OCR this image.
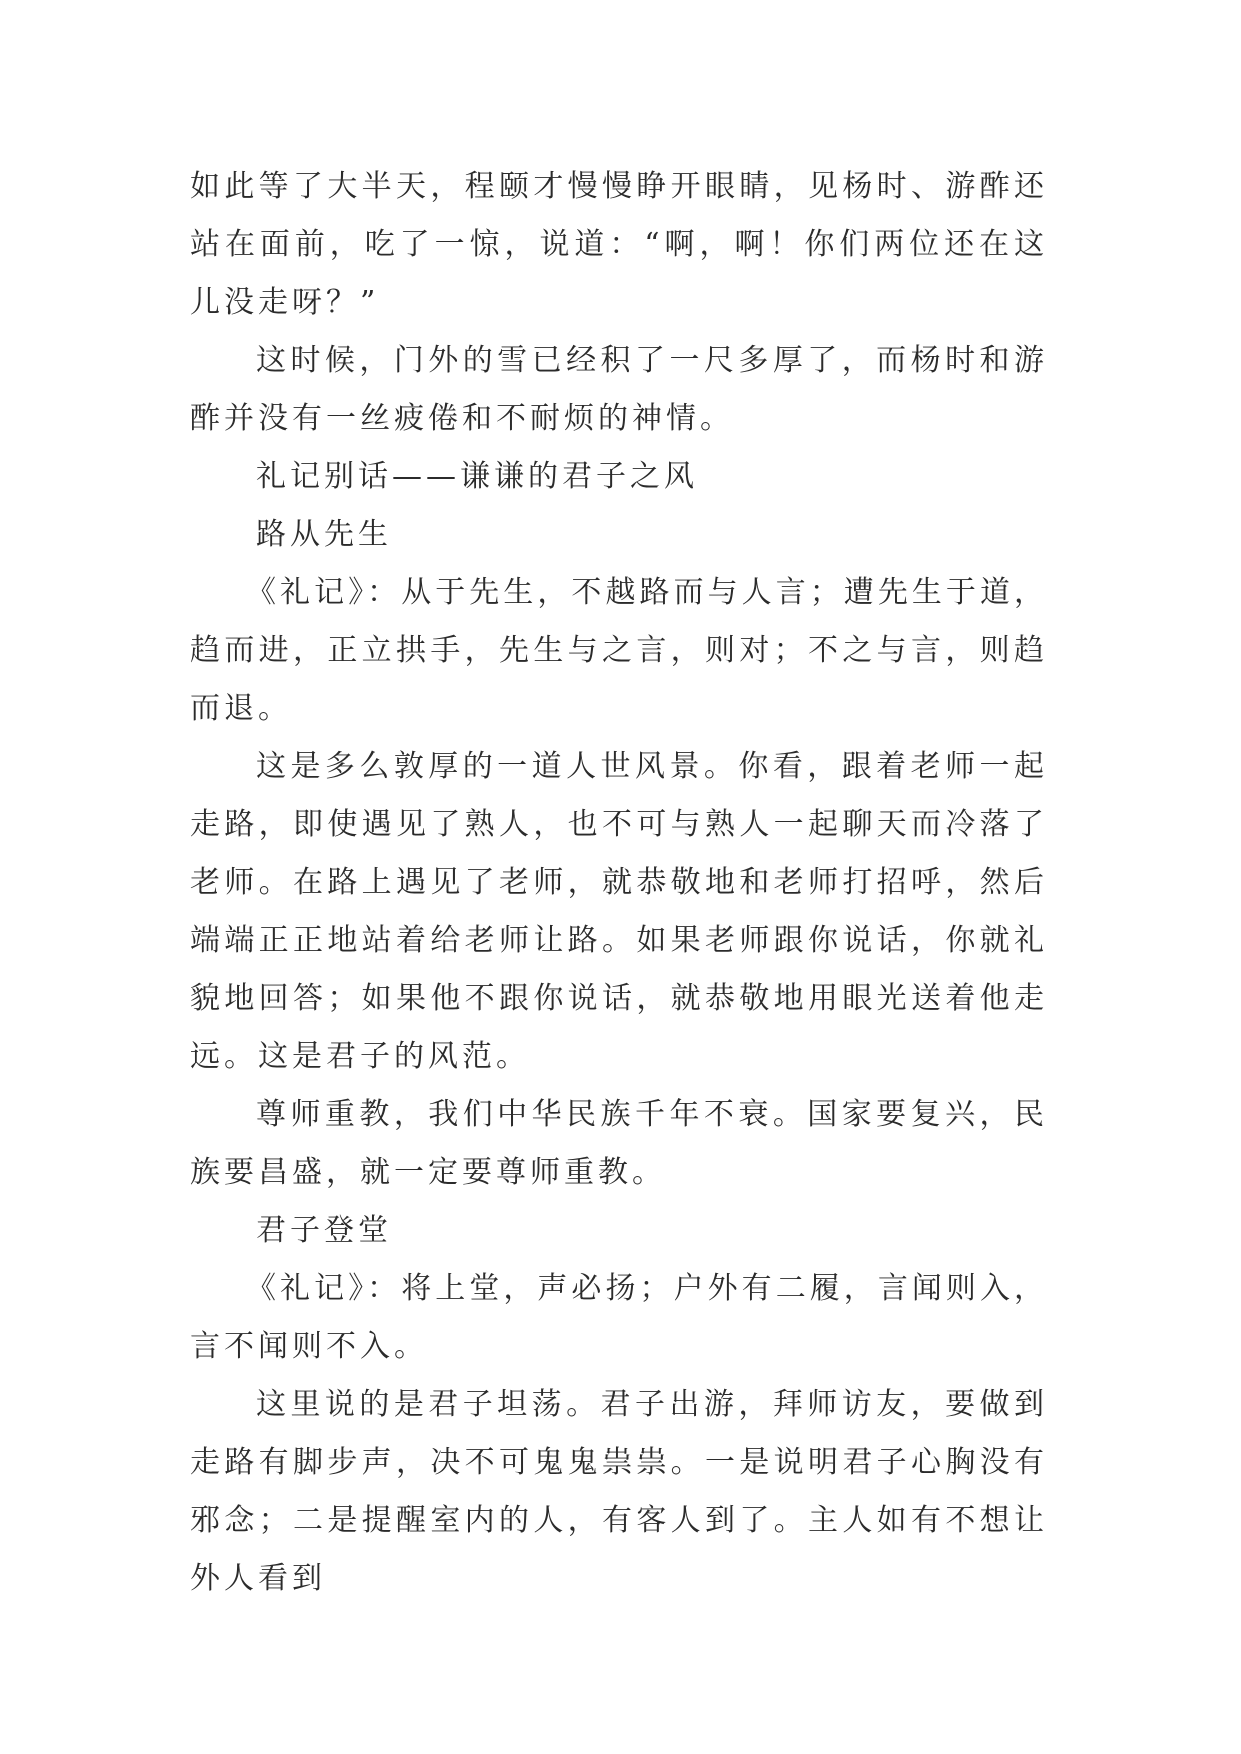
如此等了大半天，程颐才慢慢睁开眼睛，见杨时、游酢还站在面前，吃了一惊，说道：“啊，啊！你们两位还在这儿没走呀？”

这时候，门外的雪已经积了一尺多厚了，而杨时和游酢并没有一丝疲倦和不耐烦的神情。

礼记别话——谦谦的君子之风

路从先生

《礼记》：从于先生，不越路而与人言；遭先生于道，趋而进，正立拱手，先生与之言，则对；不之与言，则趋而退。

这是多么敦厚的一道人世风景。你看，跟着老师一起走路，即使遇见了熟人，也不可与熟人一起聊天而冷落了老师。在路上遇见了老师，就恭敬地和老师打招呼，然后端端正正地站着给老师让路。如果老师跟你说话，你就礼貌地回答；如果他不跟你说话，就恭敬地用眼光送着他走远。这是君子的风范。

尊师重教，我们中华民族千年不衰。国家要复兴，民族要昌盛，就一定要尊师重教。

君子登堂

《礼记》：将上堂，声必扬；户外有二履，言闻则入，言不闻则不入。

这里说的是君子坦荡。君子出游，拜师访友，要做到走路有脚步声，决不可鬼鬼祟祟。一是说明君子心胸没有邪念；二是提醒室内的人，有客人到了。主人如有不想让外人看到
